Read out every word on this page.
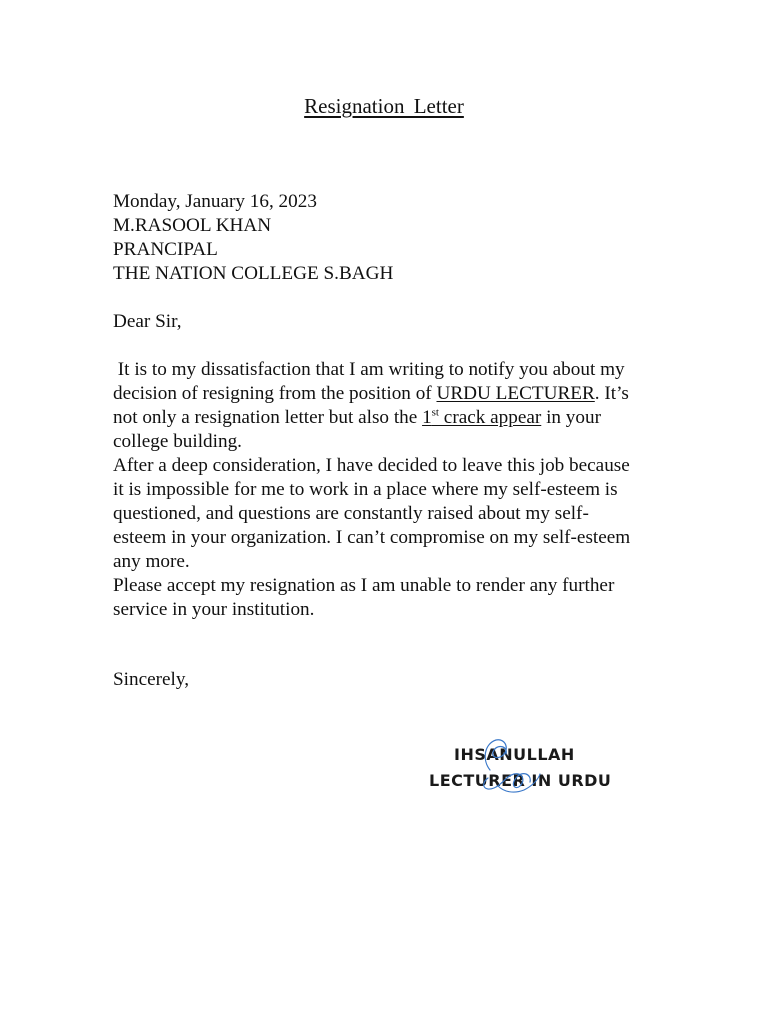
Resignation Letter
Monday, January 16, 2023
M.RASOOL KHAN
PRANCIPAL
THE NATION COLLEGE S.BAGH
Dear Sir,
It is to my dissatisfaction that I am writing to notify you about my
decision of resigning from the position of URDU LECTURER. It’s
not only a resignation letter but also the 1st crack appear in your
college building.
After a deep consideration, I have decided to leave this job because
it is impossible for me to work in a place where my self-esteem is
questioned, and questions are constantly raised about my self-
esteem in your organization. I can’t compromise on my self-esteem
any more.
Please accept my resignation as I am unable to render any further
service in your institution.
Sincerely,
IHSANULLAH
LECTURER IN URDU
